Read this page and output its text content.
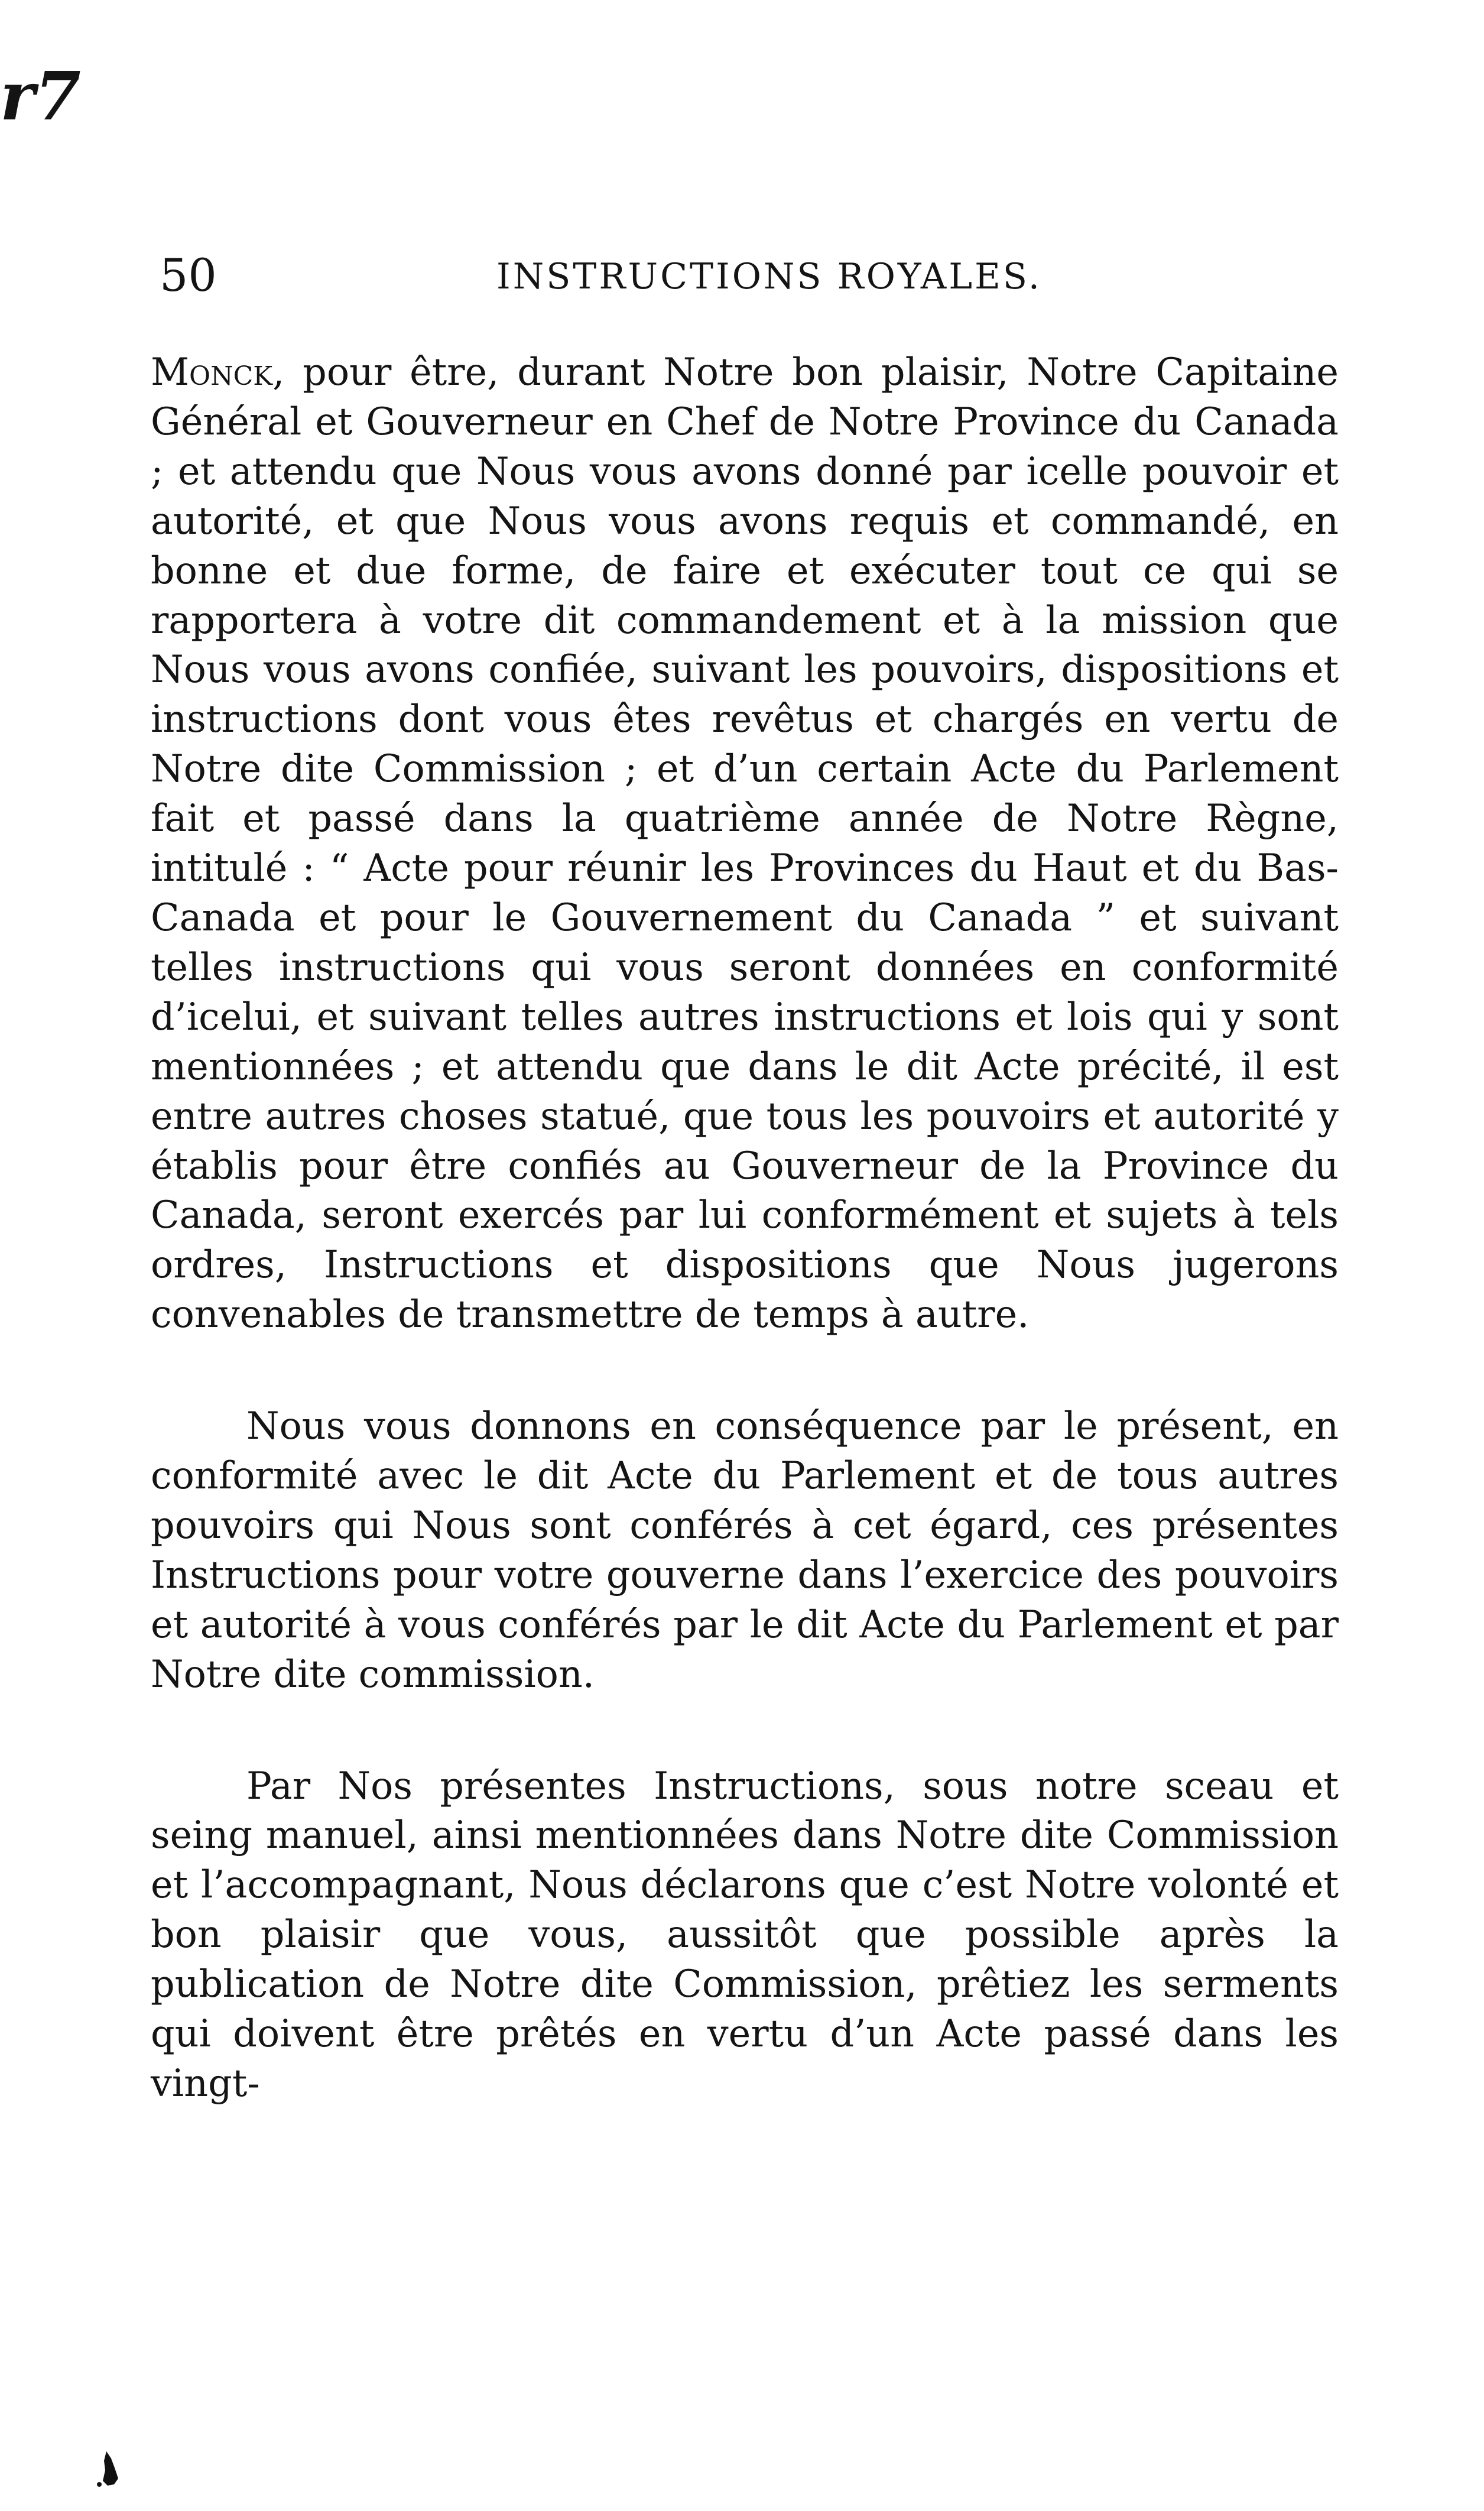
r7
50	INSTRUCTIONS ROYALES.

Monck, pour être, durant Notre bon plaisir, Notre Capitaine Général et Gouverneur en Chef de Notre Province du Canada ; et attendu que Nous vous avons donné par icelle pouvoir et autorité, et que Nous vous avons requis et commandé, en bonne et due forme, de faire et exécuter tout ce qui se rapportera à votre dit commandement et à la mission que Nous vous avons confiée, suivant les pouvoirs, dispositions et instructions dont vous êtes revêtus et chargés en vertu de Notre dite Commission ; et d’un certain Acte du Parlement fait et passé dans la quatrième année de Notre Règne, intitulé : “ Acte pour réunir les Provinces du Haut et du Bas-Canada et pour le Gouvernement du Canada ” et suivant telles instructions qui vous seront données en conformité d’icelui, et suivant telles autres instructions et lois qui y sont mentionnées ; et attendu que dans le dit Acte précité, il est entre autres choses statué, que tous les pouvoirs et autorité y établis pour être confiés au Gouverneur de la Province du Canada, seront exercés par lui conformément et sujets à tels ordres, Instructions et dispositions que Nous jugerons convenables de transmettre de temps à autre.

Nous vous donnons en conséquence par le présent, en conformité avec le dit Acte du Parlement et de tous autres pouvoirs qui Nous sont conférés à cet égard, ces présentes Instructions pour votre gouverne dans l’exercice des pouvoirs et autorité à vous conférés par le dit Acte du Parlement et par Notre dite commission.

Par Nos présentes Instructions, sous notre sceau et seing manuel, ainsi mentionnées dans Notre dite Commission et l’accompagnant, Nous déclarons que c’est Notre volonté et bon plaisir que vous, aussitôt que possible après la publication de Notre dite Commission, prêtiez les serments qui doivent être prêtés en vertu d’un Acte passé dans les vingt-
